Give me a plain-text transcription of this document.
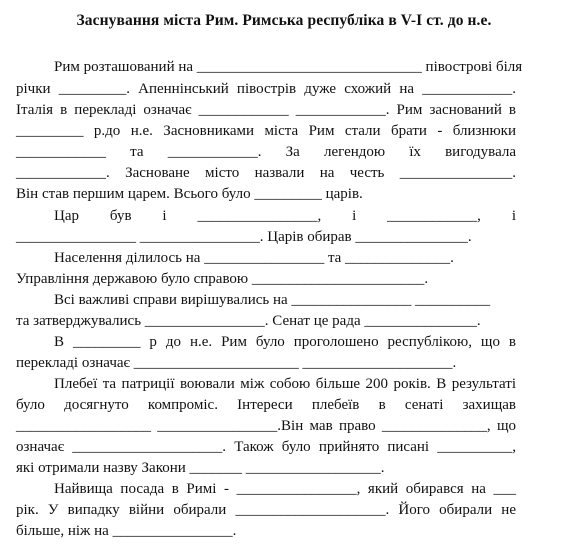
Заснування міста Рим. Римська республіка в V-I ст. до н.е.
Рим розташований на ______________________________ півострові біля
річки _________. Апеннінський півострів дуже схожий на ____________.
Італія в перекладі означає ____________ ____________. Рим заснований в
_________ р.до н.е. Засновниками міста Рим стали брати - близнюки
____________ та ____________. За легендою їх вигодувала
____________. Засноване місто назвали на честь _______________.
Він став першим царем. Всього було _________ царів.
Цар був і ________________, і ____________, і
________________ ________________. Царів обирав _______________.
Населення ділилось на ________________ та ______________.
Управління державою було справою _______________________.
Всі важливі справи вирішувались на ________________ __________
та затверджувались ________________. Сенат це рада _______________.
В _________ р до н.е. Рим було проголошено республікою, що в
перекладі означає ______________________ ____________________.
Плебеї та патриції воювали між собою більше 200 років. В результаті
було досягнуто компроміс. Інтереси плебеїв в сенаті захищав
__________________ ________________.Він мав право ______________, що
означає ____________________. Також було прийнято писані __________,
які отримали назву Закони _______ __________________.
Найвища посада в Римі - ________________, який обирався на ___
рік. У випадку війни обирали ____________________. Його обирали не
більше, ніж на ________________.
